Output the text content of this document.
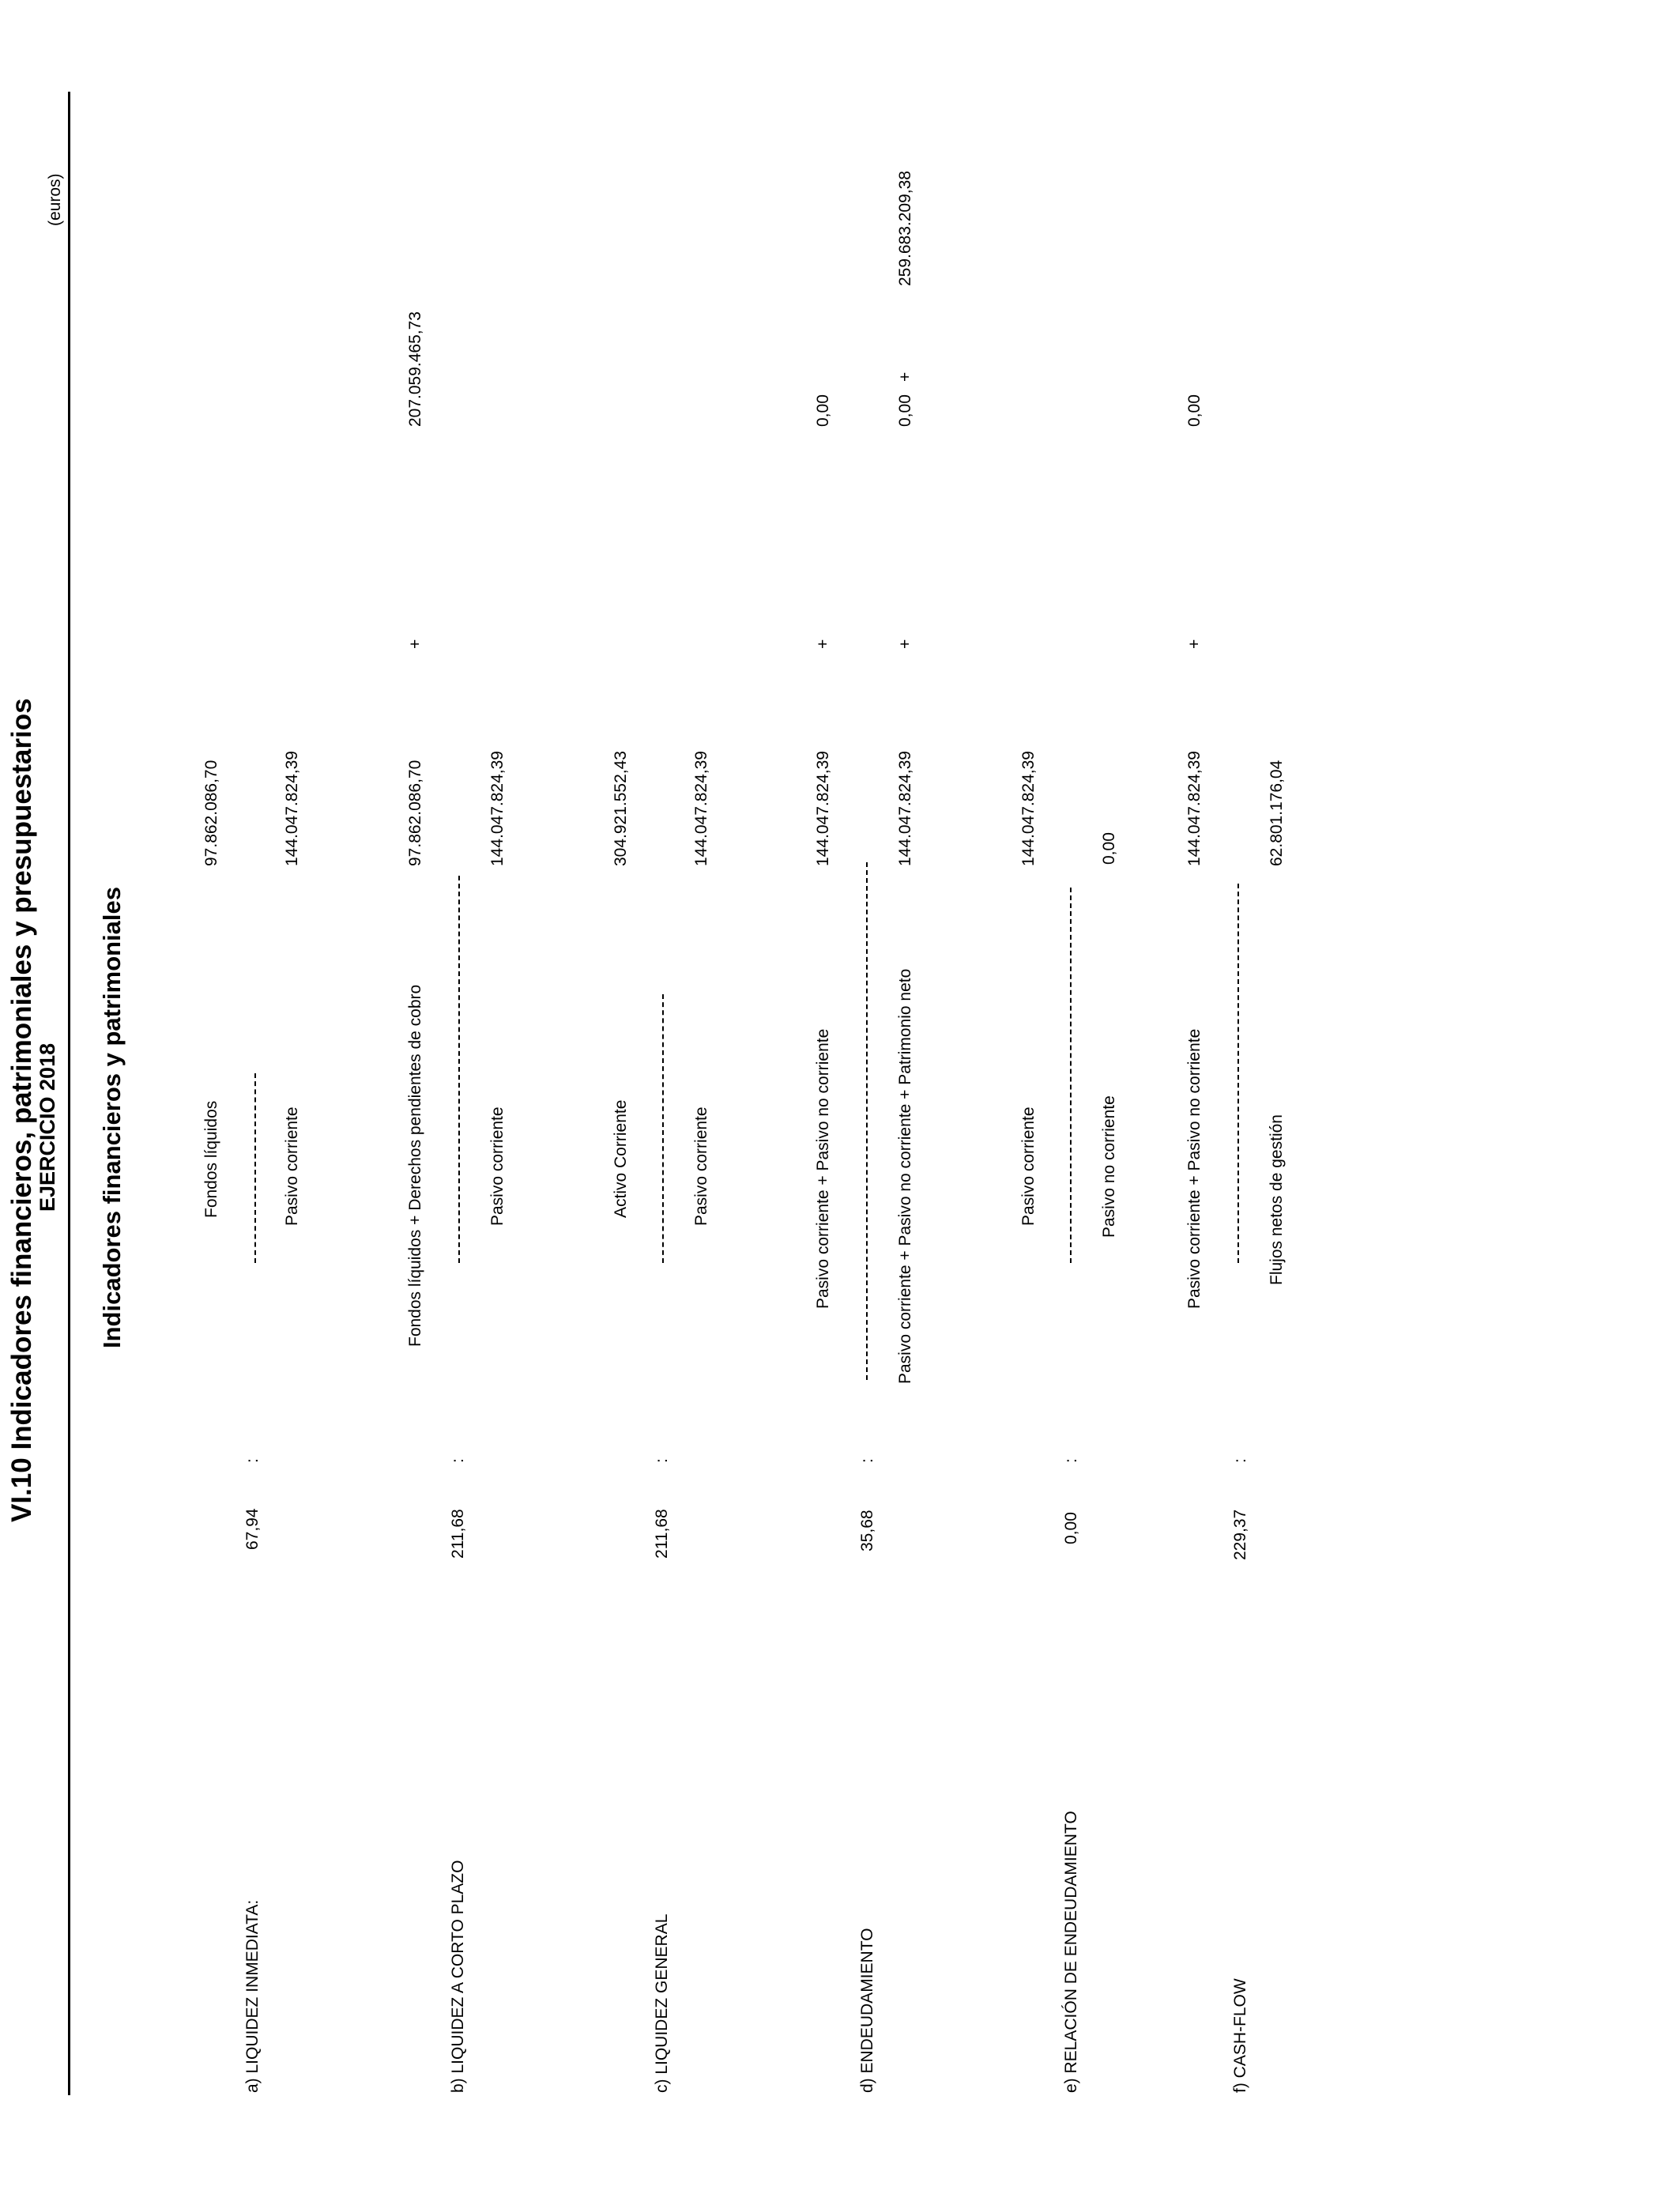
VI.10 Indicadores financieros, patrimoniales y presupuestarios
EJERCICIO 2018
(euros)
Indicadores financieros y patrimoniales
a) LIQUIDEZ INMEDIATA:
67,94
:
Fondos líquidos
97.862.086,70
Pasivo corriente
144.047.824,39
b) LIQUIDEZ A CORTO PLAZO
211,68
:
Fondos líquidos + Derechos pendientes de cobro
97.862.086,70
+
207.059.465,73
Pasivo corriente
144.047.824,39
c) LIQUIDEZ GENERAL
211,68
:
Activo Corriente
304.921.552,43
Pasivo corriente
144.047.824,39
d) ENDEUDAMIENTO
35,68
:
Pasivo corriente + Pasivo no corriente
144.047.824,39
+
0,00
Pasivo corriente + Pasivo no corriente + Patrimonio neto
144.047.824,39
+
0,00
+
259.683.209,38
e) RELACIÓN DE ENDEUDAMIENTO
0,00
:
Pasivo corriente
144.047.824,39
Pasivo no corriente
0,00
f) CASH-FLOW
229,37
:
Pasivo corriente + Pasivo no corriente
144.047.824,39
+
0,00
Flujos netos de gestión
62.801.176,04
